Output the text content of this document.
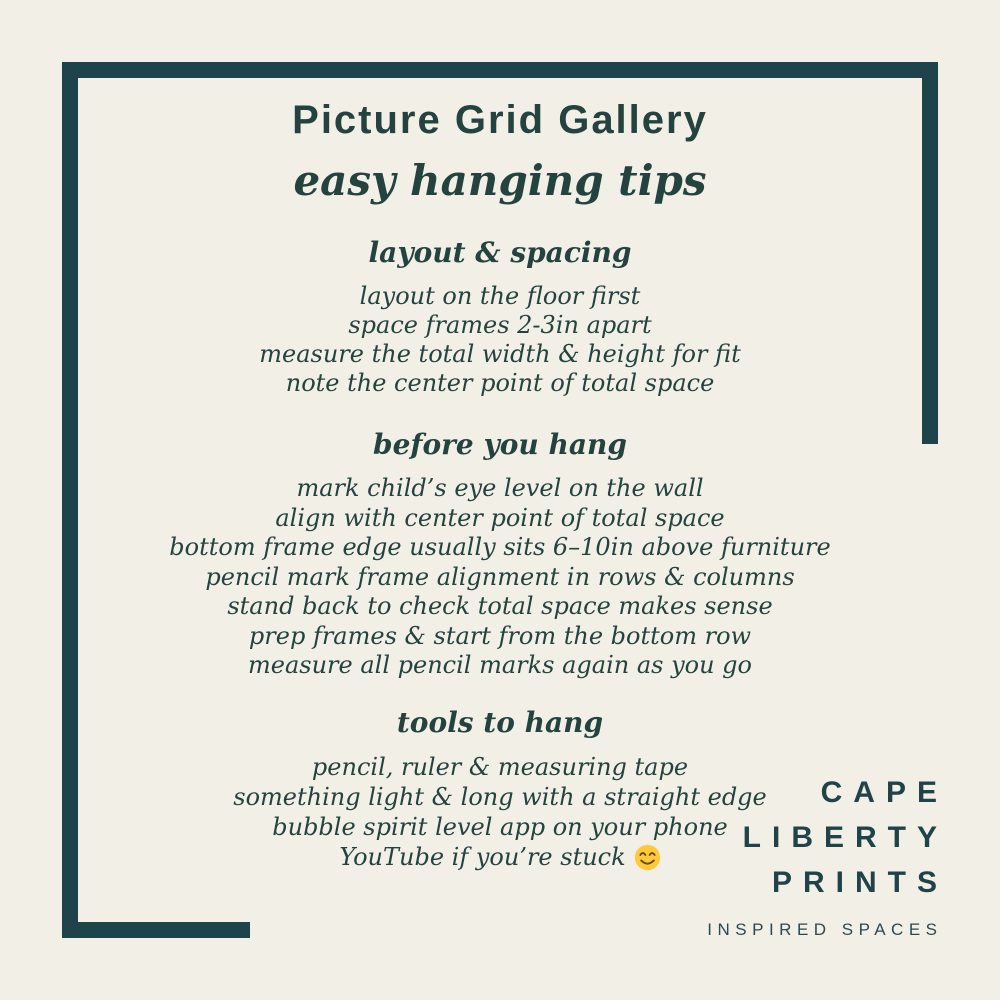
Picture Grid Gallery
easy hanging tips
layout & spacing

layout on the floor first

space frames 2-3in apart

measure the total width & height for fit

note the center point of total space

before you hang

mark child’s eye level on the wall

align with center point of total space

bottom frame edge usually sits 6–10in above furniture

pencil mark frame alignment in rows & columns

stand back to check total space makes sense

prep frames & start from the bottom row

measure all pencil marks again as you go

tools to hang

pencil, ruler & measuring tape

something light & long with a straight edge

bubble spirit level app on your phone

YouTube if you’re stuck

CAPE
LIBERTY
PRINTS
INSPIRED SPACES
